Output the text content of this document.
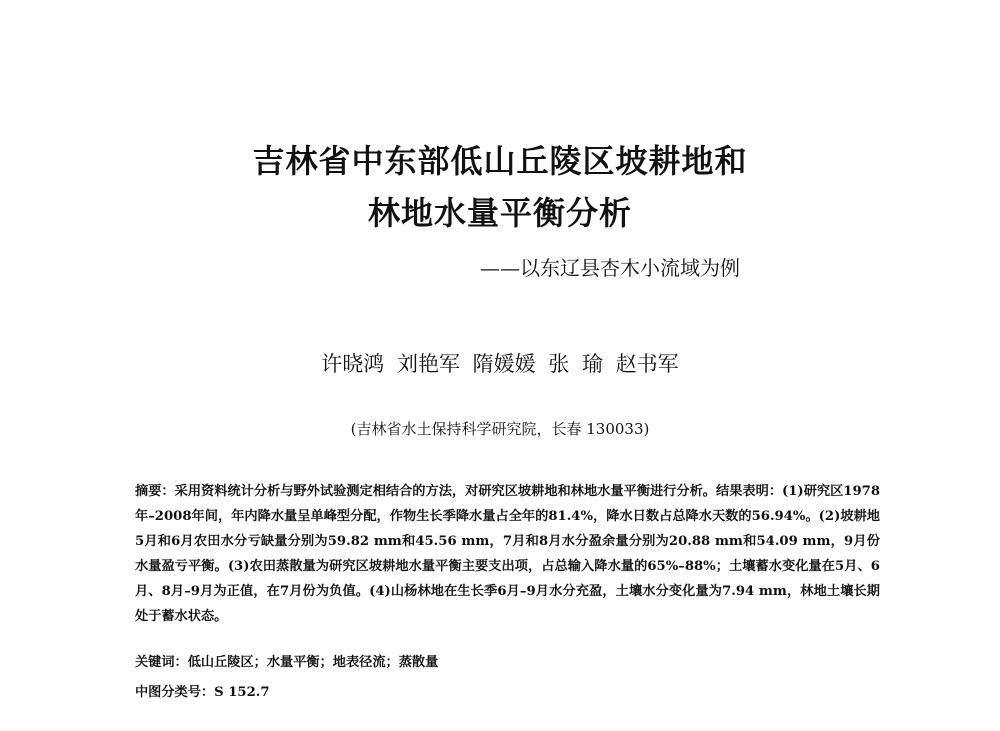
吉林省中东部低山丘陵区坡耕地和
林地水量平衡分析
——以东辽县杏木小流域为例
许晓鸿 刘艳军 隋媛媛 张 瑜 赵书军
(吉林省水土保持科学研究院，长春 130033)
摘要：采用资料统计分析与野外试验测定相结合的方法，对研究区坡耕地和林地水量平衡进行分析。结果表明：(1)研究区1978年–2008年间，年内降水量呈单峰型分配，作物生长季降水量占全年的81.4%，降水日数占总降水天数的56.94%。(2)坡耕地5月和6月农田水分亏缺量分别为59.82 mm和45.56 mm，7月和8月水分盈余量分别为20.88 mm和54.09 mm，9月份水量盈亏平衡。(3)农田蒸散量为研究区坡耕地水量平衡主要支出项，占总输入降水量的65%–88%；土壤蓄水变化量在5月、6月、8月–9月为正值，在7月份为负值。(4)山杨林地在生长季6月–9月水分充盈，土壤水分变化量为7.94 mm，林地土壤长期处于蓄水状态。
关键词：低山丘陵区；水量平衡；地表径流；蒸散量
中图分类号：S 152.7
